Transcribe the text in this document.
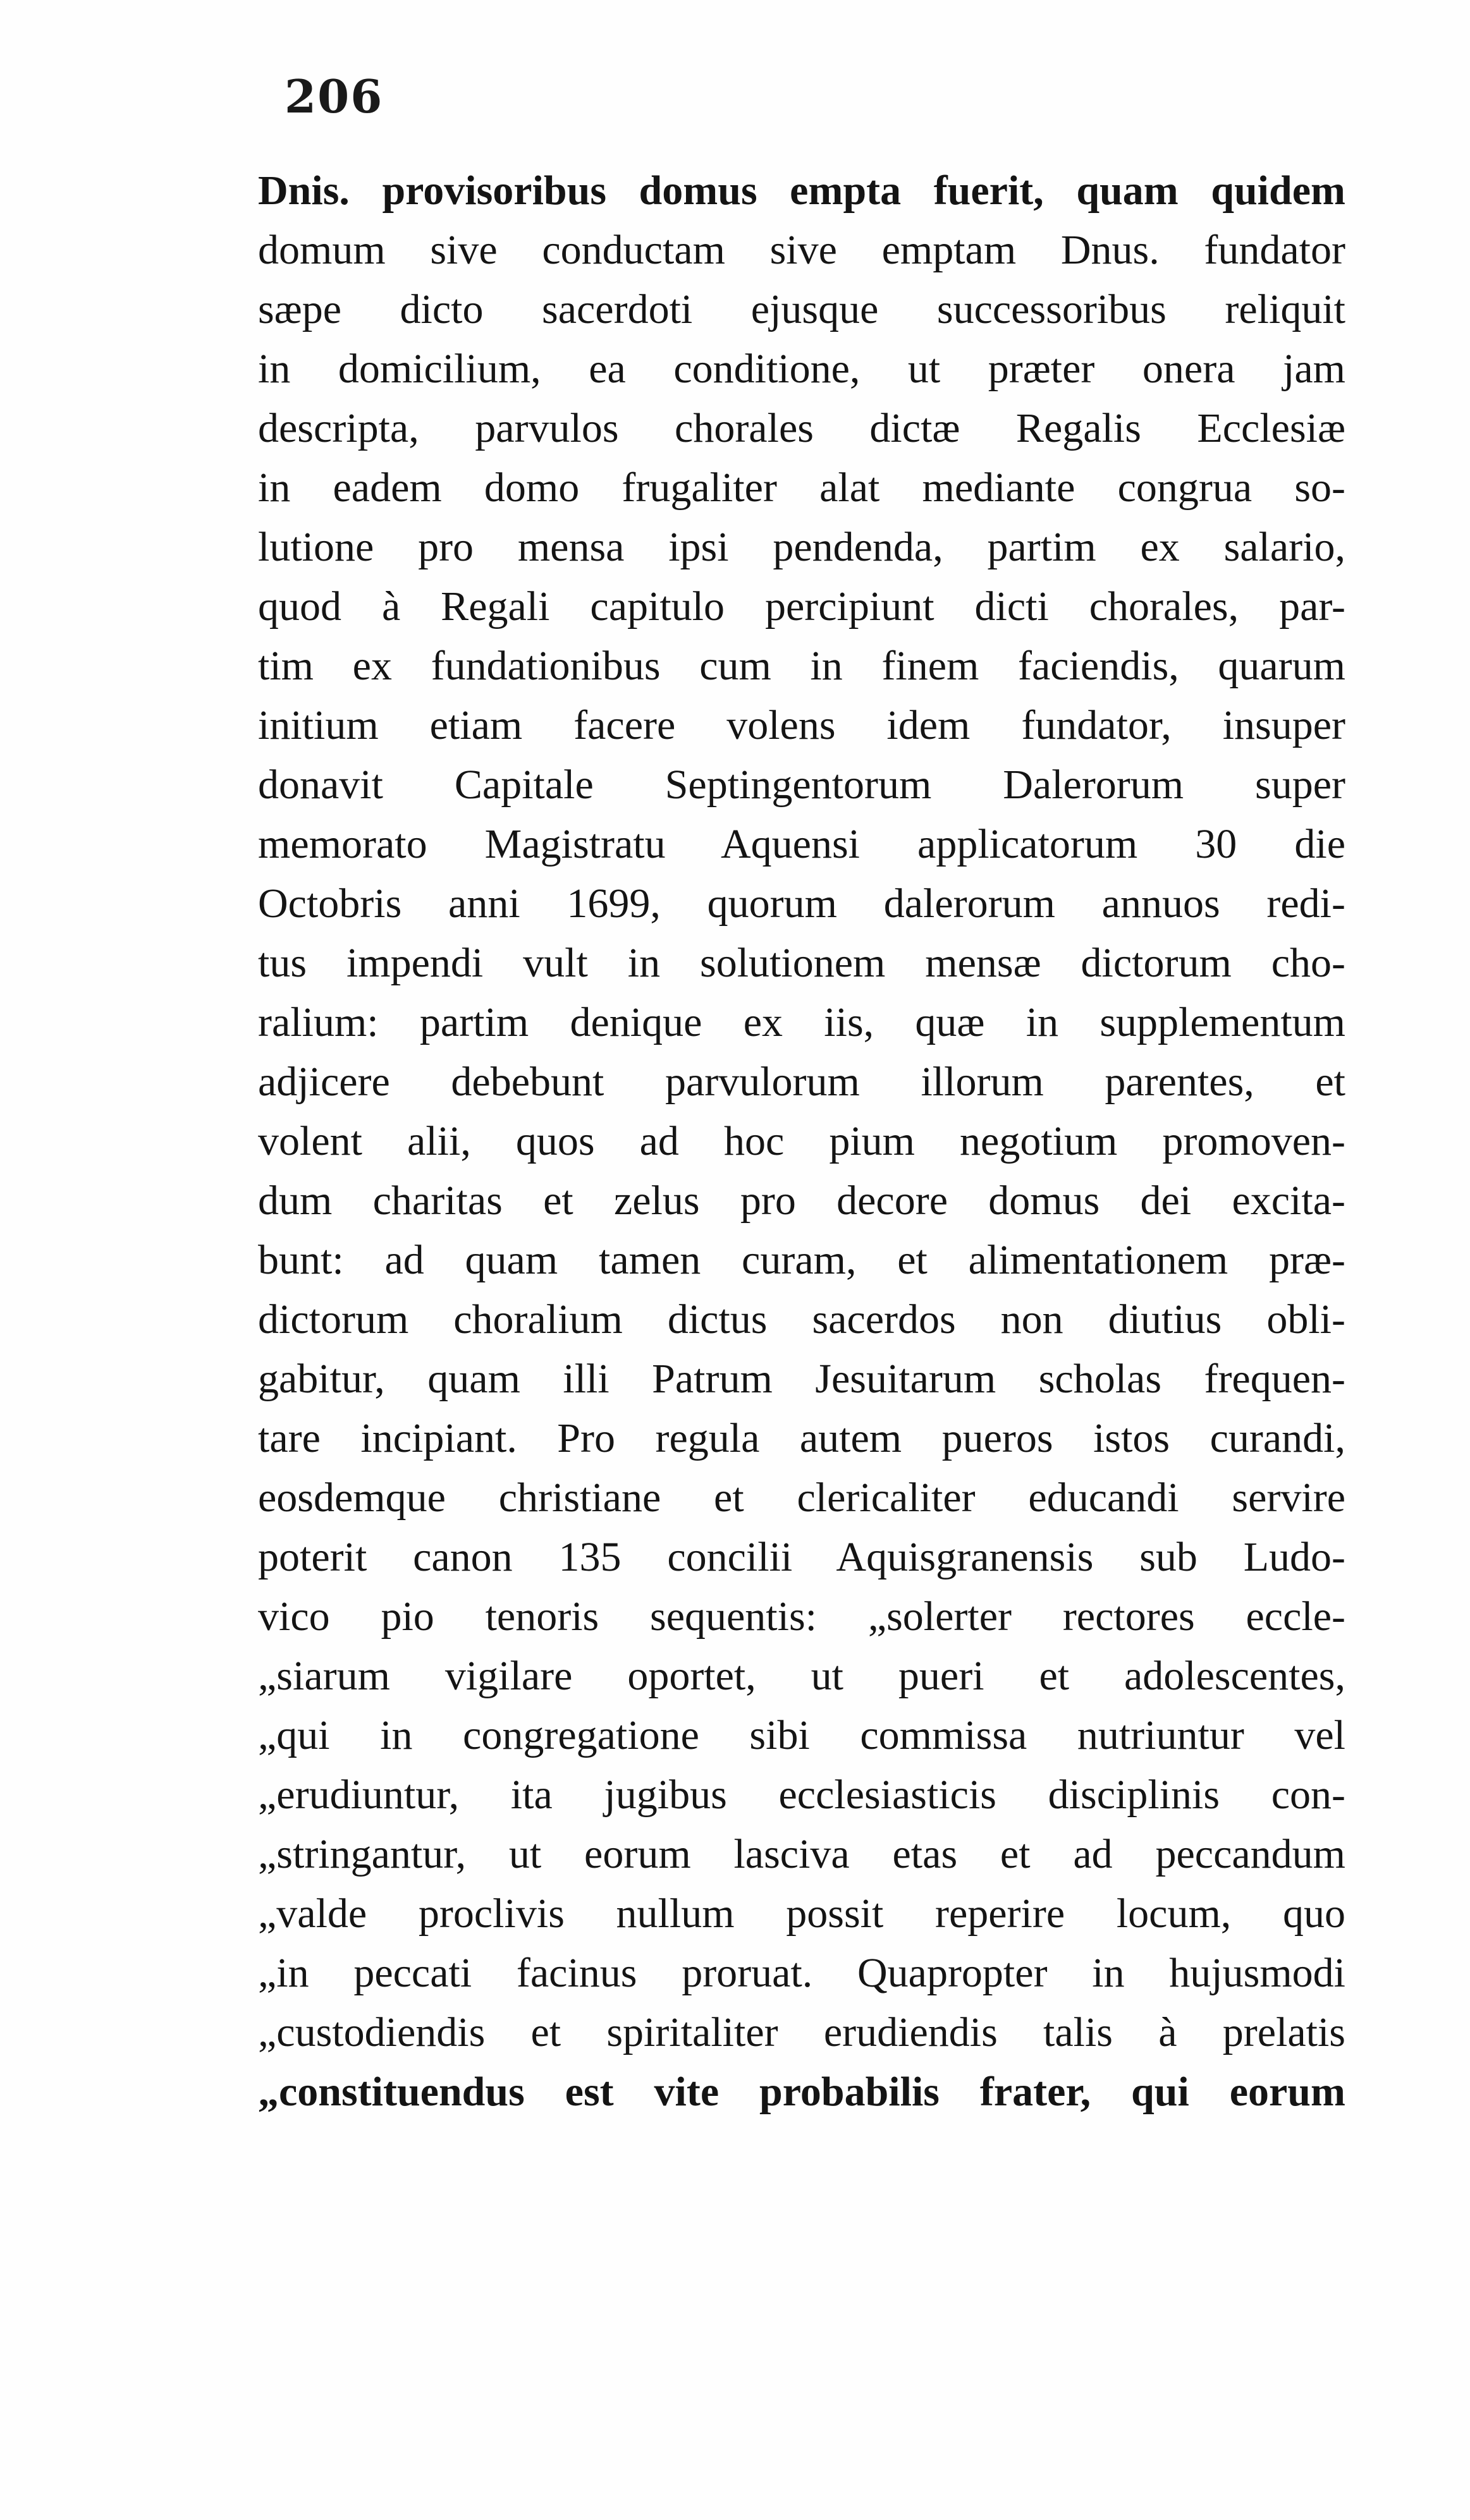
206
Dnis. provisoribus domus empta fuerit, quam quidem
domum sive conductam sive emptam Dnus. fundator
sæpe dicto sacerdoti ejusque successoribus reliquit
in domicilium, ea conditione, ut præter onera jam
descripta, parvulos chorales dictæ Regalis Ecclesiæ
in eadem domo frugaliter alat mediante congrua so-
lutione pro mensa ipsi pendenda, partim ex salario,
quod à Regali capitulo percipiunt dicti chorales, par-
tim ex fundationibus cum in finem faciendis, quarum
initium etiam facere volens idem fundator, insuper
donavit Capitale Septingentorum Dalerorum super
memorato Magistratu Aquensi applicatorum 30 die
Octobris anni 1699, quorum dalerorum annuos redi-
tus impendi vult in solutionem mensæ dictorum cho-
ralium: partim denique ex iis, quæ in supplementum
adjicere debebunt parvulorum illorum parentes, et
volent alii, quos ad hoc pium negotium promoven-
dum charitas et zelus pro decore domus dei excita-
bunt: ad quam tamen curam, et alimentationem præ-
dictorum choralium dictus sacerdos non diutius obli-
gabitur, quam illi Patrum Jesuitarum scholas frequen-
tare incipiant. Pro regula autem pueros istos curandi,
eosdemque christiane et clericaliter educandi servire
poterit canon 135 concilii Aquisgranensis sub Ludo-
vico pio tenoris sequentis: „solerter rectores eccle-
„siarum vigilare oportet, ut pueri et adolescentes,
„qui in congregatione sibi commissa nutriuntur vel
„erudiuntur, ita jugibus ecclesiasticis disciplinis con-
„stringantur, ut eorum lasciva etas et ad peccandum
„valde proclivis nullum possit reperire locum, quo
„in peccati facinus proruat. Quapropter in hujusmodi
„custodiendis et spiritaliter erudiendis talis à prelatis
„constituendus est vite probabilis frater, qui eorum
